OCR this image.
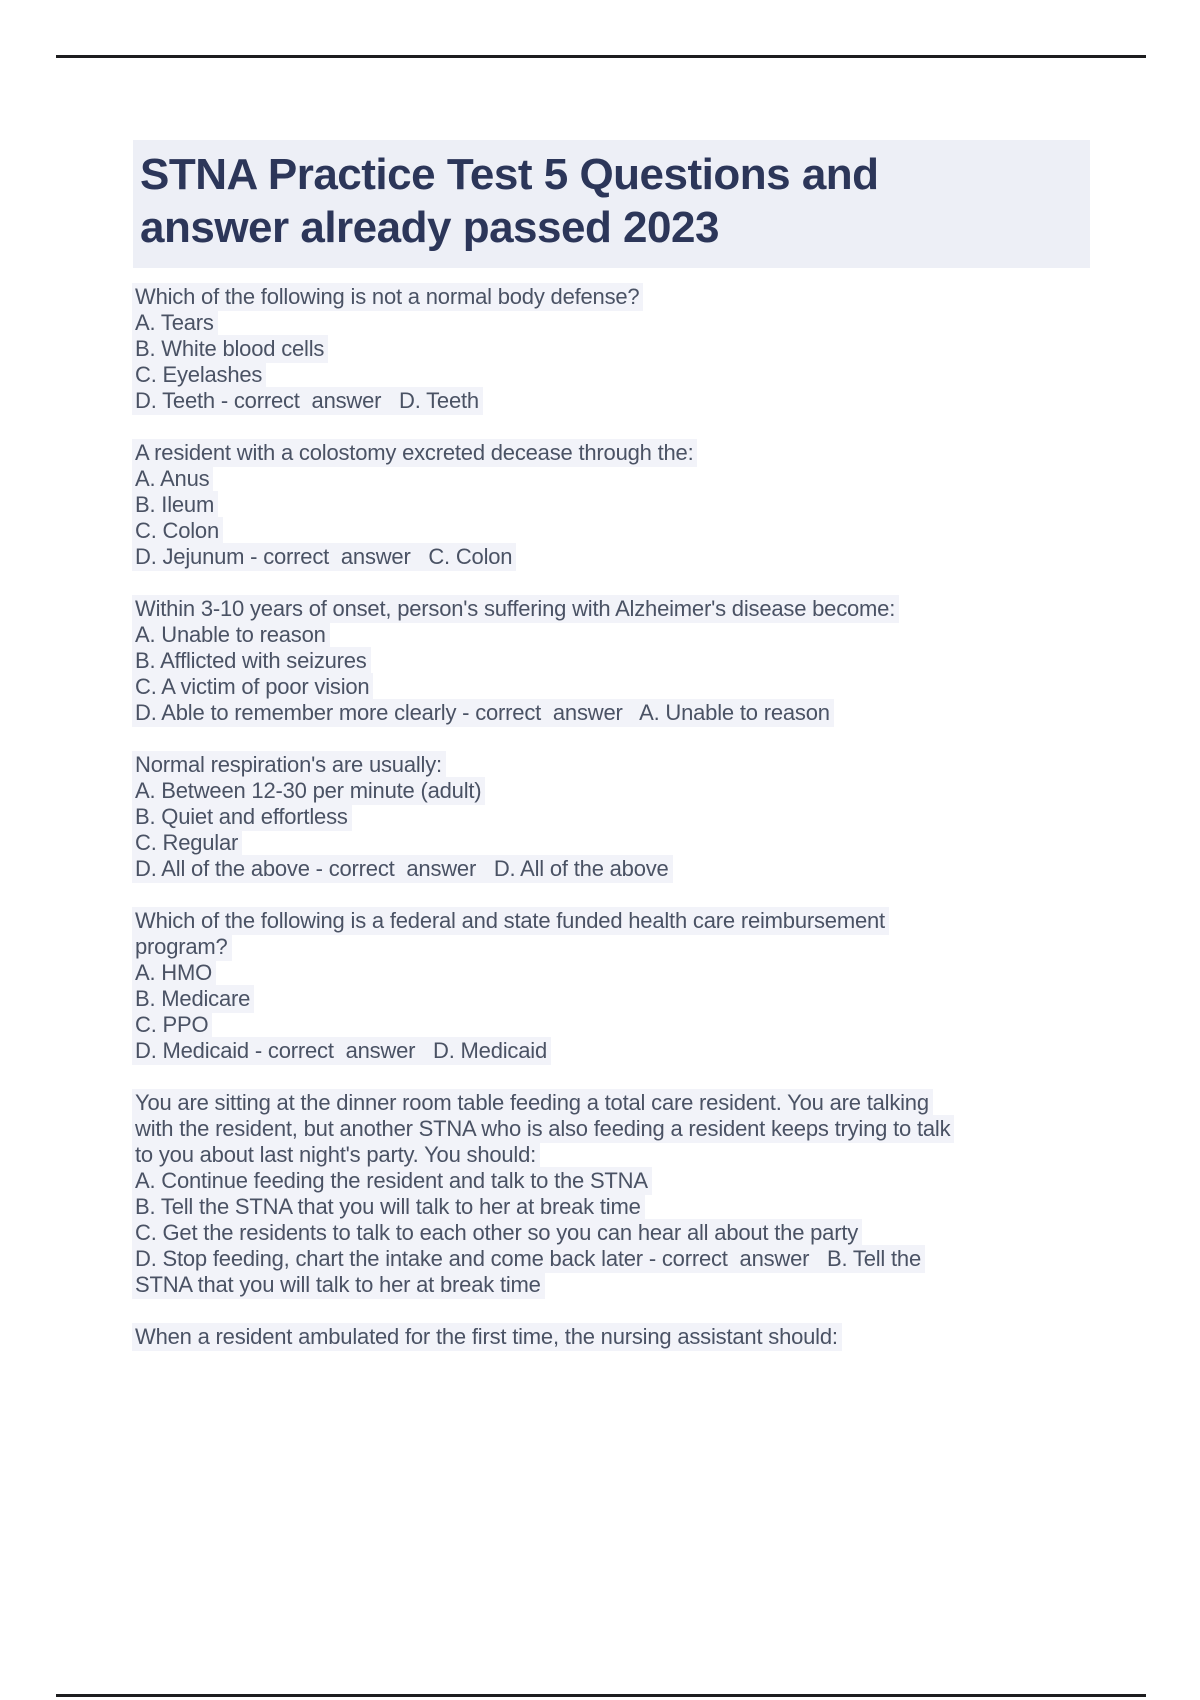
STNA Practice Test 5 Questions and
answer already passed 2023
Which of the following is not a normal body defense?
A. Tears
B. White blood cells
C. Eyelashes
D. Teeth - correct  answer   D. Teeth
A resident with a colostomy excreted decease through the:
A. Anus
B. Ileum
C. Colon
D. Jejunum - correct  answer   C. Colon
Within 3-10 years of onset, person's suffering with Alzheimer's disease become:
A. Unable to reason
B. Afflicted with seizures
C. A victim of poor vision
D. Able to remember more clearly - correct  answer   A. Unable to reason
Normal respiration's are usually:
A. Between 12-30 per minute (adult)
B. Quiet and effortless
C. Regular
D. All of the above - correct  answer   D. All of the above
Which of the following is a federal and state funded health care reimbursement
program?
A. HMO
B. Medicare
C. PPO
D. Medicaid - correct  answer   D. Medicaid
You are sitting at the dinner room table feeding a total care resident. You are talking
with the resident, but another STNA who is also feeding a resident keeps trying to talk
to you about last night's party. You should:
A. Continue feeding the resident and talk to the STNA
B. Tell the STNA that you will talk to her at break time
C. Get the residents to talk to each other so you can hear all about the party
D. Stop feeding, chart the intake and come back later - correct  answer   B. Tell the
STNA that you will talk to her at break time
When a resident ambulated for the first time, the nursing assistant should:
